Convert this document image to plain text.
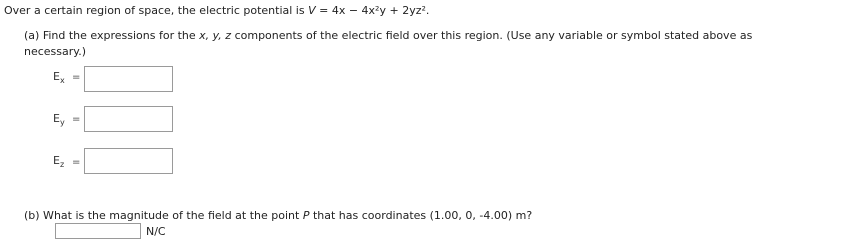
Over a certain region of space, the electric potential is V = 4x − 4x²y + 2yz².
(a) Find the expressions for the x, y, z components of the electric field over this region. (Use any variable or symbol stated above as
necessary.)
$E_x$ =
$E_y$ =
$E_z$ =
(b) What is the magnitude of the field at the point P that has coordinates (1.00, 0, -4.00) m?
N/C
